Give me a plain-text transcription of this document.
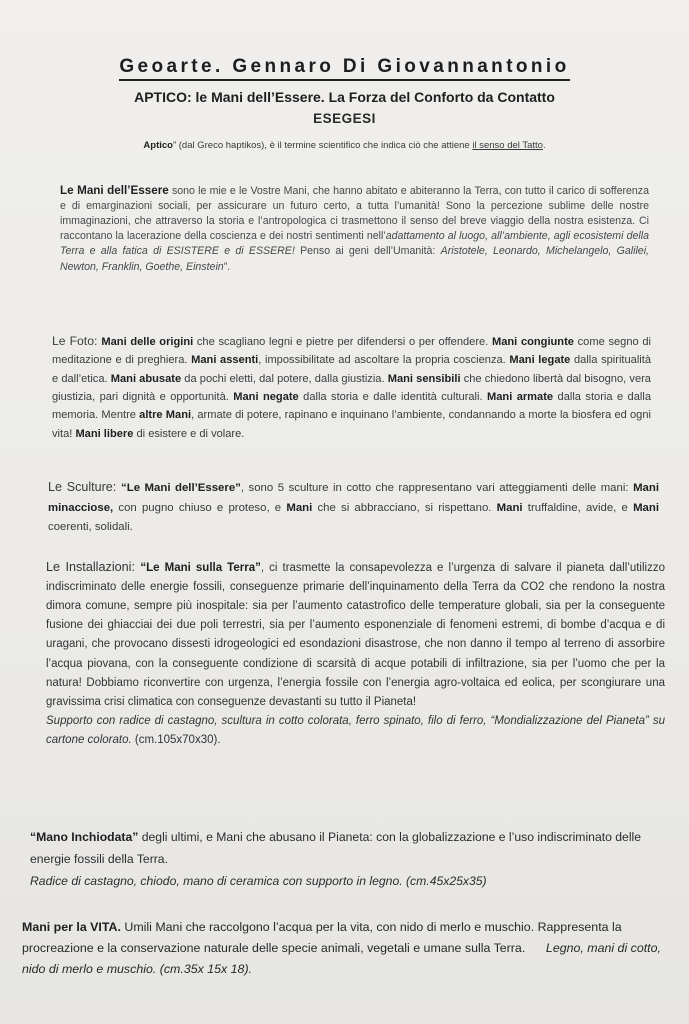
Geoarte. Gennaro Di Giovannantonio
APTICO: le Mani dell’Essere. La Forza del Conforto da Contatto
ESEGESI
Aptico” (dal Greco haptikos), è il termine scientifico che indica ciò che attiene il senso del Tatto.

Le Mani dell’Essere sono le mie e le Vostre Mani, che hanno abitato e abiteranno la Terra, con tutto il carico di sofferenza e di emarginazioni sociali, per assicurare un futuro certo, a tutta l’umanità! Sono la percezione sublime delle nostre immaginazioni, che attraverso la storia e l’antropologica ci trasmettono il senso del breve viaggio della nostra esistenza. Ci raccontano la lacerazione della coscienza e dei nostri sentimenti nell’adattamento al luogo, all’ambiente, agli ecosistemi della Terra e alla fatica di ESISTERE e di ESSERE! Penso ai geni dell’Umanità: Aristotele, Leonardo, Michelangelo, Galilei, Newton, Franklin, Goethe, Einstein”.

Le Foto: Mani delle origini che scagliano legni e pietre per difendersi o per offendere. Mani congiunte come segno di meditazione e di preghiera. Mani assenti, impossibilitate ad ascoltare la propria coscienza. Mani legate dalla spiritualità e dall’etica. Mani abusate da pochi eletti, dal potere, dalla giustizia. Mani sensibili che chiedono libertà dal bisogno, vera giustizia, pari dignità e opportunità. Mani negate dalla storia e dalle identità culturali. Mani armate dalla storia e dalla memoria. Mentre altre Mani, armate di potere, rapinano e inquinano l’ambiente, condannando a morte la biosfera ed ogni vita! Mani libere di esistere e di volare.

Le Sculture: “Le Mani dell’Essere”, sono 5 sculture in cotto che rappresentano vari atteggiamenti delle mani: Mani minacciose, con pugno chiuso e proteso, e Mani che si abbracciano, si rispettano. Mani truffaldine, avide, e Mani coerenti, solidali.

Le Installazioni: “Le Mani sulla Terra”, ci trasmette la consapevolezza e l’urgenza di salvare il pianeta dall’utilizzo indiscriminato delle energie fossili, conseguenze primarie dell’inquinamento della Terra da CO2 che rendono la nostra dimora comune, sempre più inospitale: sia per l’aumento catastrofico delle temperature globali, sia per la conseguente fusione dei ghiacciai dei due poli terrestri, sia per l’aumento esponenziale di fenomeni estremi, di bombe d’acqua e di uragani, che provocano dissesti idrogeologici ed esondazioni disastrose, che non danno il tempo al terreno di assorbire l’acqua piovana, con la conseguente condizione di scarsità di acque potabili di infiltrazione, sia per l’uomo che per la natura! Dobbiamo riconvertire con urgenza, l’energia fossile con l’energia agro-voltaica ed eolica, per scongiurare una gravissima crisi climatica con conseguenze devastanti su tutto il Pianeta!
Supporto con radice di castagno, scultura in cotto colorata, ferro spinato, filo di ferro, “Mondializzazione del Pianeta” su cartone colorato. (cm.105x70x30).

“Mano Inchiodata” degli ultimi, e Mani che abusano il Pianeta: con la globalizzazione e l’uso indiscriminato delle energie fossili della Terra.
Radice di castagno, chiodo, mano di ceramica con supporto in legno. (cm.45x25x35)

Mani per la VITA. Umili Mani che raccolgono l’acqua per la vita, con nido di merlo e muschio. Rappresenta la procreazione e la conservazione naturale delle specie animali, vegetali e umane sulla Terra. Legno, mani di cotto, nido di merlo e muschio. (cm.35x 15x 18).
